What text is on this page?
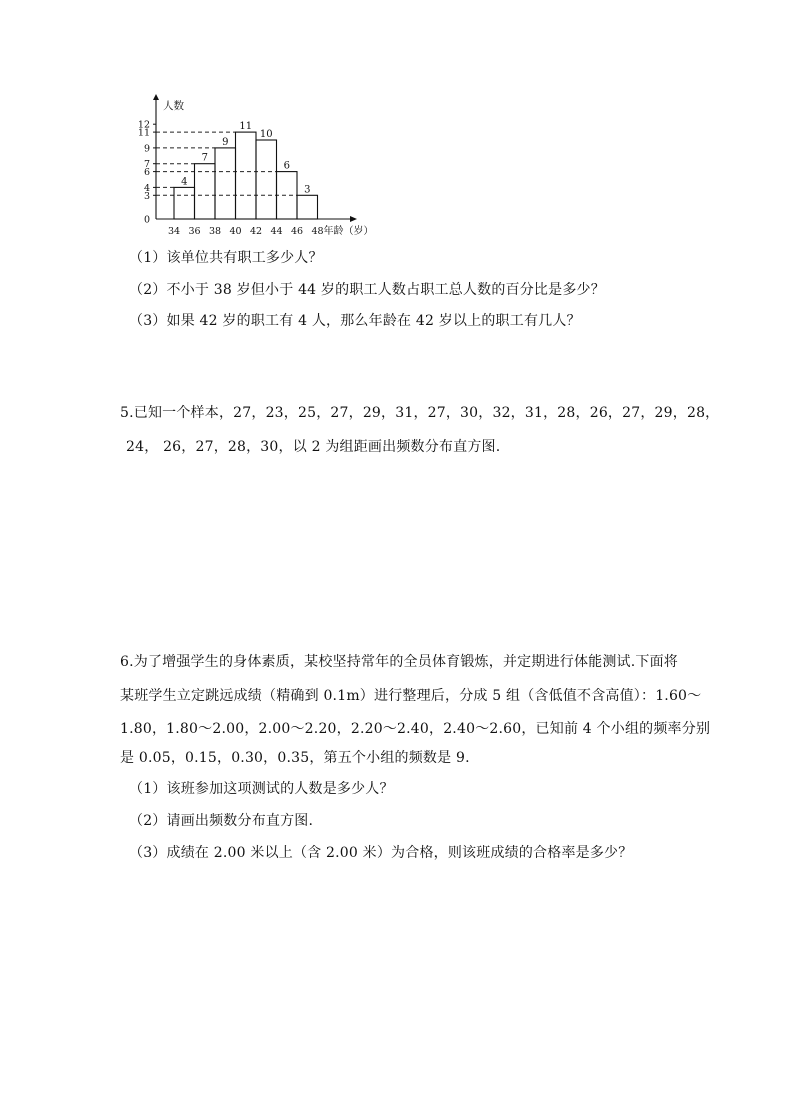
4
7
9
11
10
6
3
0
3
4
6
7
9
11
12
34 36 38 40 42 44 46 48
人数
年龄（岁）
（1）该单位共有职工多少人？
（2）不小于 38 岁但小于 44 岁的职工人数占职工总人数的百分比是多少？
（3）如果 42 岁的职工有 4 人，那么年龄在 42 岁以上的职工有几人？
5.已知一个样本，27，23，25，27，29，31，27，30，32，31，28，26，27，29，28，
24， 26，27，28，30，以 2 为组距画出频数分布直方图.
6.为了增强学生的身体素质，某校坚持常年的全员体育锻炼，并定期进行体能测试.下面将
某班学生立定跳远成绩（精确到 0.1m）进行整理后，分成 5 组（含低值不含高值）：1.60～
1.80，1.80～2.00，2.00～2.20，2.20～2.40，2.40～2.60，已知前 4 个小组的频率分别
是 0.05，0.15，0.30，0.35，第五个小组的频数是 9.
（1）该班参加这项测试的人数是多少人？
（2）请画出频数分布直方图.
（3）成绩在 2.00 米以上（含 2.00 米）为合格，则该班成绩的合格率是多少？
